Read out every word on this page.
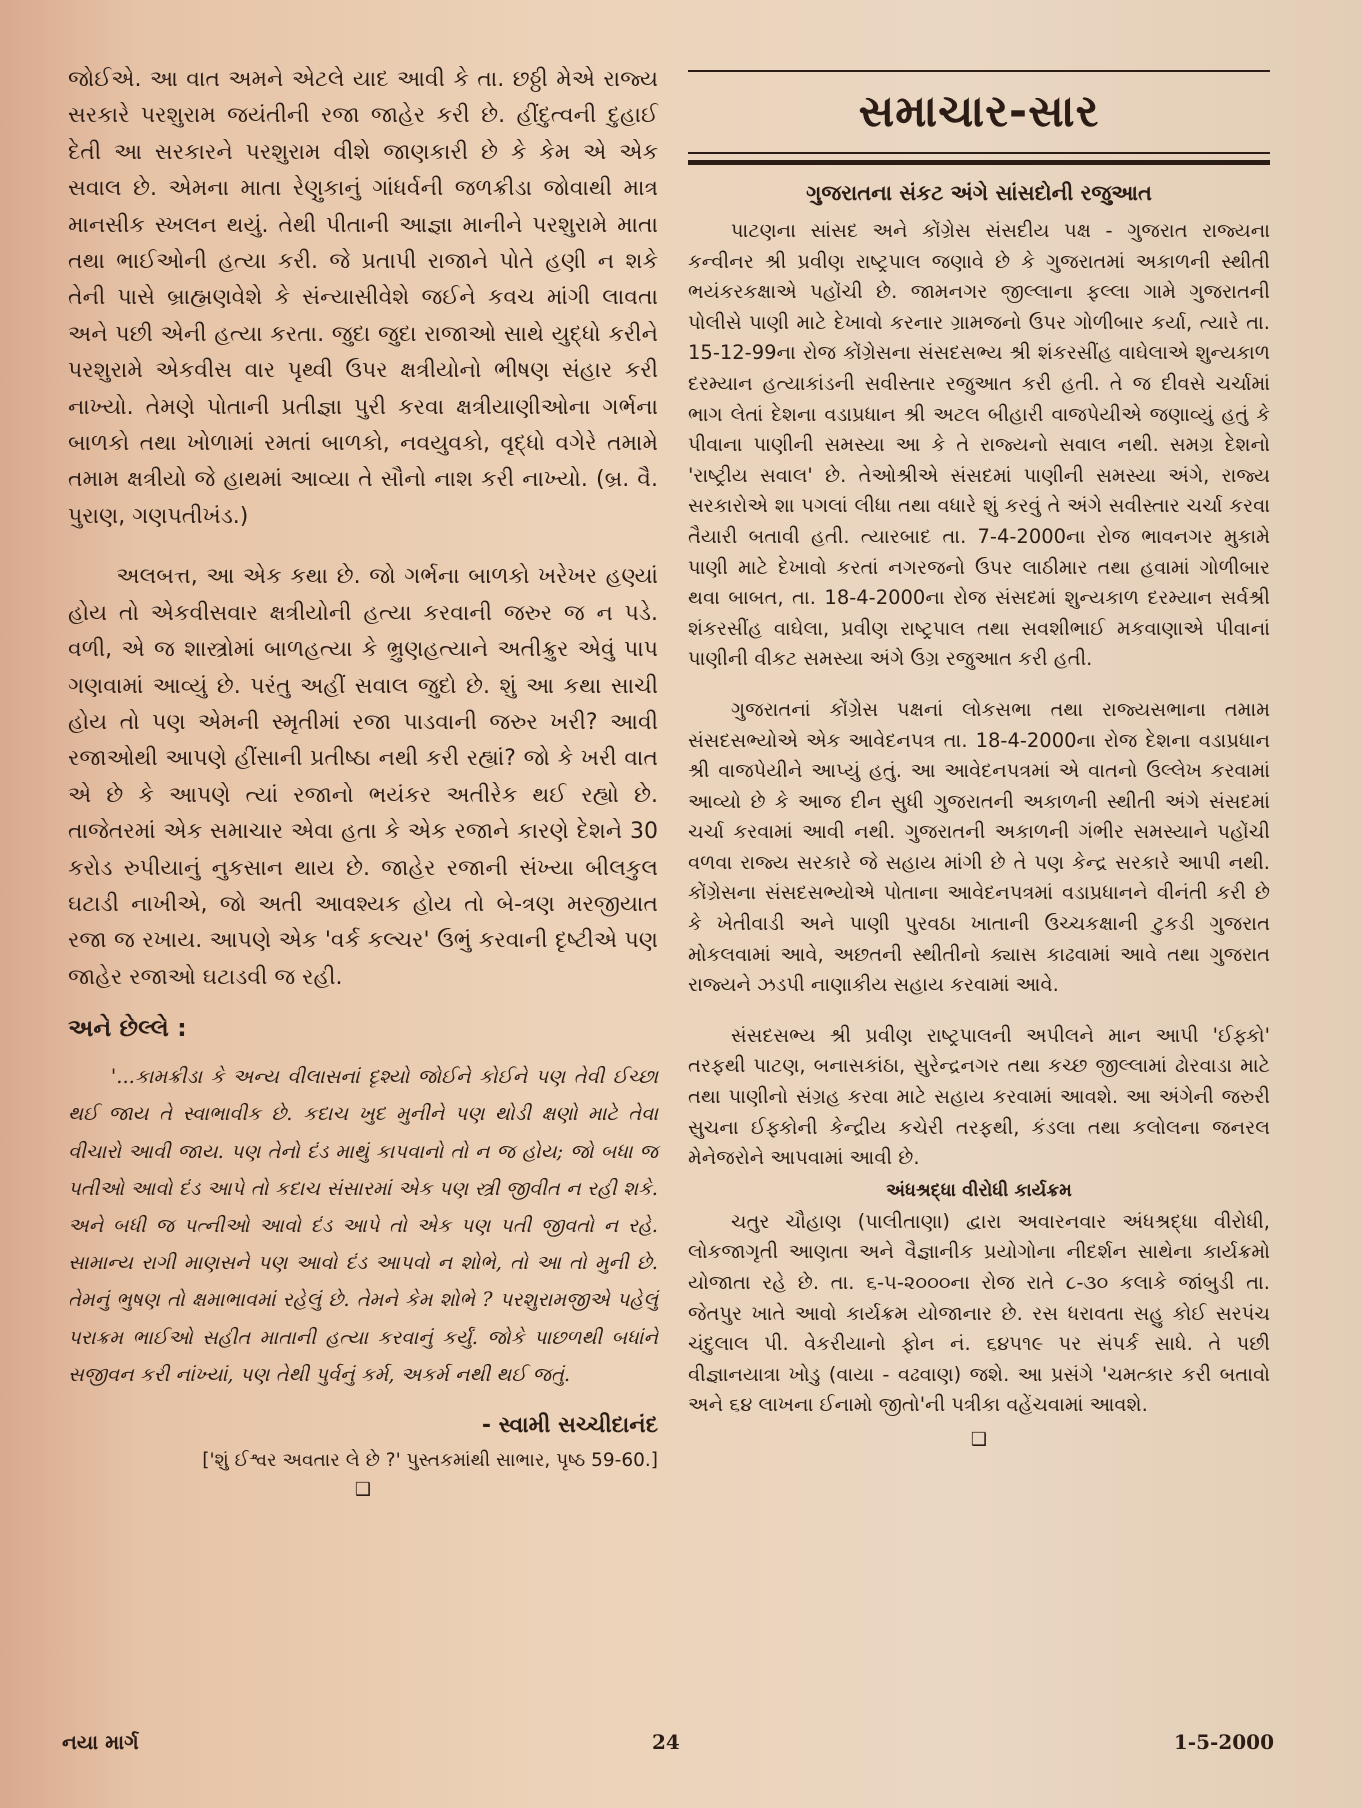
જોઈએ. આ વાત અમને એટલે યાદ આવી કે તા. છઠ્ઠી મેએ રાજ્ય સરકારે પરશુરામ જયંતીની રજા જાહેર કરી છે. હીંદુત્વની દુહાઈ દેતી આ સરકારને પરશુરામ વીશે જાણકારી છે કે કેમ એ એક સવાલ છે. એમના માતા રેણુકાનું ગાંધર્વની જળક્રીડા જોવાથી માત્ર માનસીક સ્ખલન થયું. તેથી પીતાની આજ્ઞા માનીને પરશુરામે માતા તથા ભાઈઓની હત્યા કરી. જે પ્રતાપી રાજાને પોતે હણી ન શકે તેની પાસે બ્રાહ્મણવેશે કે સંન્યાસીવેશે જઈને કવચ માંગી લાવતા અને પછી એની હત્યા કરતા. જુદા જુદા રાજાઓ સાથે યુદ્ધો કરીને પરશુરામે એકવીસ વાર પૃથ્વી ઉપર ક્ષત્રીયોનો ભીષણ સંહાર કરી નાખ્યો. તેમણે પોતાની પ્રતીજ્ઞા પુરી કરવા ક્ષત્રીયાણીઓના ગર્ભના બાળકો તથા ખોળામાં રમતાં બાળકો, નવયુવકો, વૃદ્ધો વગેરે તમામે તમામ ક્ષત્રીયો જે હાથમાં આવ્યા તે સૌનો નાશ કરી નાખ્યો. (બ્ર. વૈ. પુરાણ, ગણપતીખંડ.)

અલબત્ત, આ એક કથા છે. જો ગર્ભના બાળકો ખરેખર હણ્યાં હોય તો એકવીસવાર ક્ષત્રીયોની હત્યા કરવાની જરુર જ ન પડે. વળી, એ જ શાસ્ત્રોમાં બાળહત્યા કે ભ્રુણહત્યાને અતીક્રુર એવું પાપ ગણવામાં આવ્યું છે. પરંતુ અહીં સવાલ જુદો છે. શું આ કથા સાચી હોય તો પણ એમની સ્મૃતીમાં રજા પાડવાની જરુર ખરી? આવી રજાઓથી આપણે હીંસાની પ્રતીષ્ઠા નથી કરી રહ્યાં? જો કે ખરી વાત એ છે કે આપણે ત્યાં રજાનો ભયંકર અતીરેક થઈ રહ્યો છે. તાજેતરમાં એક સમાચાર એવા હતા કે એક રજાને કારણે દેશને 30 કરોડ રુપીયાનું નુકસાન થાય છે. જાહેર રજાની સંખ્યા બીલકુલ ઘટાડી નાખીએ, જો અતી આવશ્યક હોય તો બે-ત્રણ મરજીયાત રજા જ રખાય. આપણે એક 'વર્ક કલ્ચર' ઉભું કરવાની દૃષ્ટીએ પણ જાહેર રજાઓ ઘટાડવી જ રહી.

અને છેલ્લે :

'...કામક્રીડા કે અન્ય વીલાસનાં દૃશ્યો જોઈને કોઈને પણ તેવી ઈચ્છા થઈ જાય તે સ્વાભાવીક છે. કદાચ ખુદ મુનીને પણ થોડી ક્ષણો માટે તેવા વીચારો આવી જાય. પણ તેનો દંડ માથું કાપવાનો તો ન જ હોય; જો બધા જ પતીઓ આવો દંડ આપે તો કદાચ સંસારમાં એક પણ સ્ત્રી જીવીત ન રહી શકે. અને બધી જ પત્નીઓ આવો દંડ આપે તો એક પણ પતી જીવતો ન રહે. સામાન્ય રાગી માણસને પણ આવો દંડ આપવો ન શોભે, તો આ તો મુની છે. તેમનું ભુષણ તો ક્ષમાભાવમાં રહેલું છે. તેમને કેમ શોભે ? પરશુરામજીએ પહેલું પરાક્રમ ભાઈઓ સહીત માતાની હત્યા કરવાનું કર્યું. જોકે પાછળથી બધાંને સજીવન કરી નાંખ્યાં, પણ તેથી પુર્વનું કર્મ, અકર્મ નથી થઈ જતું.

- સ્વામી સચ્ચીદાનંદ
['શું ઈશ્વર અવતાર લે છે ?' પુસ્તકમાંથી સાભાર, પૃષ્ઠ 59-60.]
❑
સમાચાર-સાર
ગુજરાતના સંકટ અંગે સાંસદોની રજુઆત

પાટણના સાંસદ અને કોંગ્રેસ સંસદીય પક્ષ - ગુજરાત રાજ્યના કન્વીનર શ્રી પ્રવીણ રાષ્ટ્રપાલ જણાવે છે કે ગુજરાતમાં અકાળની સ્થીતી ભયંકરકક્ષાએ પહોંચી છે. જામનગર જીલ્લાના ફલ્લા ગામે ગુજરાતની પોલીસે પાણી માટે દેખાવો કરનાર ગ્રામજનો ઉપર ગોળીબાર કર્યા, ત્યારે તા. 15-12-99ના રોજ કોંગ્રેસના સંસદસભ્ય શ્રી શંકરસીંહ વાઘેલાએ શુન્યકાળ દરમ્યાન હત્યાકાંડની સવીસ્તાર રજુઆત કરી હતી. તે જ દીવસે ચર્ચામાં ભાગ લેતાં દેશના વડાપ્રધાન શ્રી અટલ બીહારી વાજપેયીએ જણાવ્યું હતું કે પીવાના પાણીની સમસ્યા આ કે તે રાજ્યનો સવાલ નથી. સમગ્ર દેશનો 'રાષ્ટ્રીય સવાલ' છે. તેઓશ્રીએ સંસદમાં પાણીની સમસ્યા અંગે, રાજ્ય સરકારોએ શા પગલાં લીધા તથા વધારે શું કરવું તે અંગે સવીસ્તાર ચર્ચા કરવા તૈયારી બતાવી હતી. ત્યારબાદ તા. 7-4-2000ના રોજ ભાવનગર મુકામે પાણી માટે દેખાવો કરતાં નગરજનો ઉપર લાઠીમાર તથા હવામાં ગોળીબાર થવા બાબત, તા. 18-4-2000ના રોજ સંસદમાં શુન્યકાળ દરમ્યાન સર્વશ્રી શંકરસીંહ વાઘેલા, પ્રવીણ રાષ્ટ્રપાલ તથા સવશીભાઈ મકવાણાએ પીવાનાં પાણીની વીકટ સમસ્યા અંગે ઉગ્ર રજુઆત કરી હતી.

ગુજરાતનાં કોંગ્રેસ પક્ષનાં લોકસભા તથા રાજ્યસભાના તમામ સંસદસભ્યોએ એક આવેદનપત્ર તા. 18-4-2000ના રોજ દેશના વડાપ્રધાન શ્રી વાજપેયીને આપ્યું હતું. આ આવેદનપત્રમાં એ વાતનો ઉલ્લેખ કરવામાં આવ્યો છે કે આજ દીન સુધી ગુજરાતની અકાળની સ્થીતી અંગે સંસદમાં ચર્ચા કરવામાં આવી નથી. ગુજરાતની અકાળની ગંભીર સમસ્યાને પહોંચી વળવા રાજ્ય સરકારે જે સહાય માંગી છે તે પણ કેન્દ્ર સરકારે આપી નથી. કોંગ્રેસના સંસદસભ્યોએ પોતાના આવેદનપત્રમાં વડાપ્રધાનને વીનંતી કરી છે કે ખેતીવાડી અને પાણી પુરવઠા ખાતાની ઉચ્ચકક્ષાની ટુકડી ગુજરાત મોકલવામાં આવે, અછતની સ્થીતીનો ક્યાસ કાઢવામાં આવે તથા ગુજરાત રાજ્યને ઝડપી નાણાકીય સહાય કરવામાં આવે.

સંસદસભ્ય શ્રી પ્રવીણ રાષ્ટ્રપાલની અપીલને માન આપી 'ઈફ્કો' તરફથી પાટણ, બનાસકાંઠા, સુરેન્દ્રનગર તથા કચ્છ જીલ્લામાં ઢોરવાડા માટે તથા પાણીનો સંગ્રહ કરવા માટે સહાય કરવામાં આવશે. આ અંગેની જરુરી સુચના ઈફ્કોની કેન્દ્રીય કચેરી તરફથી, કંડલા તથા કલોલના જનરલ મેનેજરોને આપવામાં આવી છે.

અંધશ્રદ્ધા વીરોધી કાર્યક્રમ

ચતુર ચૌહાણ (પાલીતાણા) દ્વારા અવારનવાર અંધશ્રદ્ધા વીરોધી, લોકજાગૃતી આણતા અને વૈજ્ઞાનીક પ્રયોગોના નીદર્શન સાથેના કાર્યક્રમો યોજાતા રહે છે. તા. ૬-૫-૨૦૦૦ના રોજ રાતે ૮-૩૦ કલાકે જાંબુડી તા. જેતપુર ખાતે આવો કાર્યક્રમ યોજાનાર છે. રસ ધરાવતા સહુ કોઈ સરપંચ ચંદુલાલ પી. વેકરીયાનો ફોન નં. ૬૪૫૧૯ પર સંપર્ક સાધે. તે પછી વીજ્ઞાનયાત્રા ખોડુ (વાયા - વઢવાણ) જશે. આ પ્રસંગે 'ચમત્કાર કરી બતાવો અને ૬૪ લાખના ઈનામો જીતો'ની પત્રીકા વહેંચવામાં આવશે.

❑
નયા માર્ગ	24	1-5-2000
